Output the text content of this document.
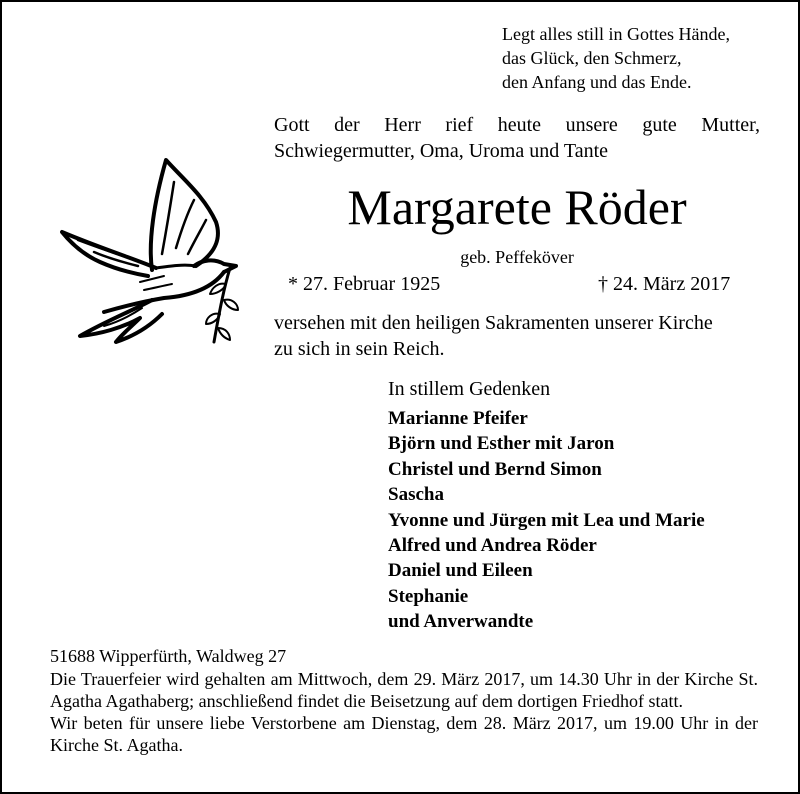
Legt alles still in Gottes Hände,
das Glück, den Schmerz,
den Anfang und das Ende.
Gott der Herr rief heute unsere gute Mutter, Schwiegermutter, Oma, Uroma und Tante
Margarete Röder
geb. Peffeköver
* 27. Februar 1925	† 24. März 2017
versehen mit den heiligen Sakramenten unserer Kirche
zu sich in sein Reich.
In stillem Gedenken
Marianne Pfeifer
Björn und Esther mit Jaron
Christel und Bernd Simon
Sascha
Yvonne und Jürgen mit Lea und Marie
Alfred und Andrea Röder
Daniel und Eileen
Stephanie
und Anverwandte
51688 Wipperfürth, Waldweg 27
Die Trauerfeier wird gehalten am Mittwoch, dem 29. März 2017, um 14.30 Uhr in der Kirche St. Agatha Agathaberg; anschließend findet die Beisetzung auf dem dortigen Friedhof statt.
Wir beten für unsere liebe Verstorbene am Dienstag, dem 28. März 2017, um 19.00 Uhr in der Kirche St. Agatha.
